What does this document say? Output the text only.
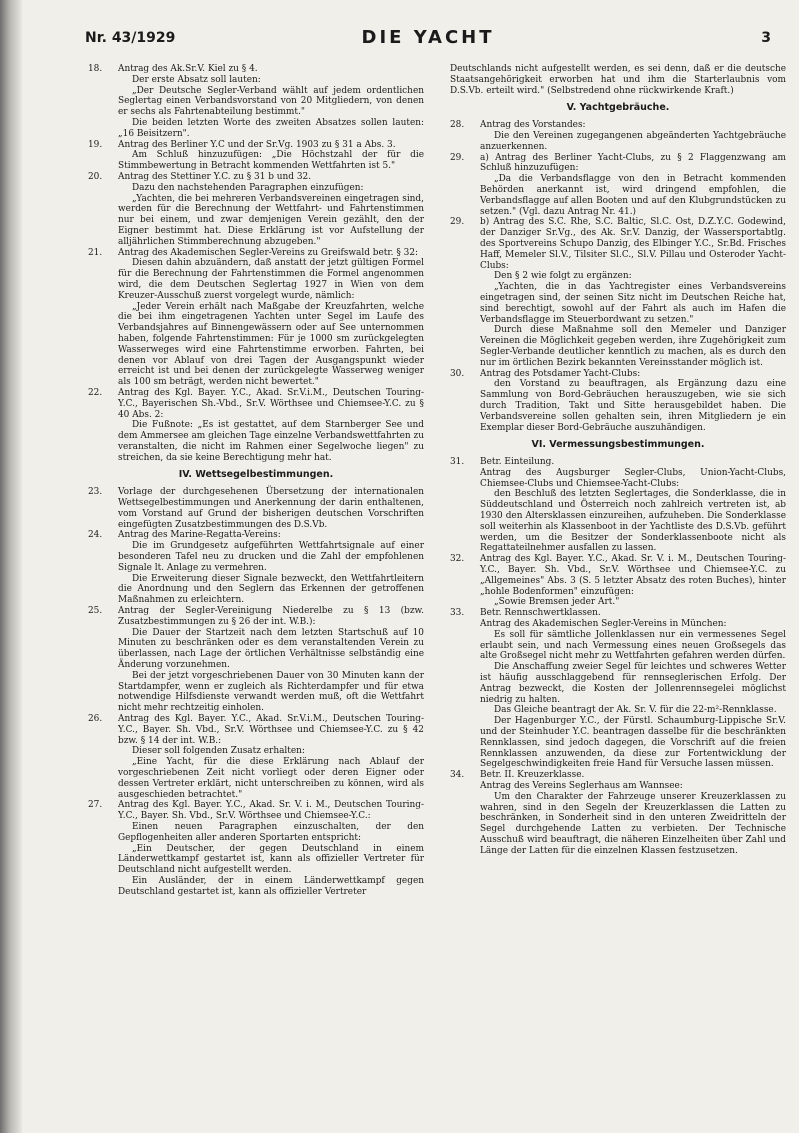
Nr. 43/1929	DIE YACHT	3
18. Antrag des Ak.Sr.V. Kiel zu § 4.

Der erste Absatz soll lauten:

„Der Deutsche Segler-Verband wählt auf jedem ordentlichen Seglertag einen Verbandsvorstand von 20 Mitgliedern, von denen er sechs als Fahrtenabteilung bestimmt."

Die beiden letzten Worte des zweiten Absatzes sollen lauten: „16 Beisitzern".

19. Antrag des Berliner Y.C und der Sr.Vg. 1903 zu § 31 a Abs. 3.

Am Schluß hinzuzufügen: „Die Höchstzahl der für die Stimmbewertung in Betracht kommenden Wettfahrten ist 5."

20. Antrag des Stettiner Y.C. zu § 31 b und 32.

Dazu den nachstehenden Paragraphen einzufügen:

„Yachten, die bei mehreren Verbandsvereinen eingetragen sind, werden für die Berechnung der Wettfahrt- und Fahrtenstimmen nur bei einem, und zwar demjenigen Verein gezählt, den der Eigner bestimmt hat. Diese Erklärung ist vor Aufstellung der alljährlichen Stimmberechnung abzugeben."

21. Antrag des Akademischen Segler-Vereins zu Greifswald betr. § 32:

Diesen dahin abzuändern, daß anstatt der jetzt gültigen Formel für die Berechnung der Fahrtenstimmen die Formel angenommen wird, die dem Deutschen Seglertag 1927 in Wien von dem Kreuzer-Ausschuß zuerst vorgelegt wurde, nämlich:

„Jeder Verein erhält nach Maßgabe der Kreuzfahrten, welche die bei ihm eingetragenen Yachten unter Segel im Laufe des Verbandsjahres auf Binnengewässern oder auf See unternommen haben, folgende Fahrtenstimmen: Für je 1000 sm zurückgelegten Wasserweges wird eine Fahrtenstimme erworben. Fahrten, bei denen vor Ablauf von drei Tagen der Ausgangspunkt wieder erreicht ist und bei denen der zurückgelegte Wasserweg weniger als 100 sm beträgt, werden nicht bewertet."

22. Antrag des Kgl. Bayer. Y.C., Akad. Sr.V.i.M., Deutschen Touring-Y.C., Bayerischen Sh.-Vbd., Sr.V. Wörthsee und Chiemsee-Y.C. zu § 40 Abs. 2:

Die Fußnote: „Es ist gestattet, auf dem Starnberger See und dem Ammersee am gleichen Tage einzelne Verbandswettfahrten zu veranstalten, die nicht im Rahmen einer Segelwoche liegen" zu streichen, da sie keine Berechtigung mehr hat.

IV. Wettsegelbestimmungen.
23. Vorlage der durchgesehenen Übersetzung der internationalen Wettsegelbestimmungen und Anerkennung der darin enthaltenen, vom Vorstand auf Grund der bisherigen deutschen Vorschriften eingefügten Zusatzbestimmungen des D.S.Vb.
24. Antrag des Marine-Regatta-Vereins:

Die im Grundgesetz aufgeführten Wettfahrtsignale auf einer besonderen Tafel neu zu drucken und die Zahl der empfohlenen Signale lt. Anlage zu vermehren.

Die Erweiterung dieser Signale bezweckt, den Wettfahrtleitern die Anordnung und den Seglern das Erkennen der getroffenen Maßnahmen zu erleichtern.

25. Antrag der Segler-Vereinigung Niederelbe zu § 13 (bzw. Zusatzbestimmungen zu § 26 der int. W.B.):

Die Dauer der Startzeit nach dem letzten Startschuß auf 10 Minuten zu beschränken oder es dem veranstaltenden Verein zu überlassen, nach Lage der örtlichen Verhältnisse selbständig eine Änderung vorzunehmen.

Bei der jetzt vorgeschriebenen Dauer von 30 Minuten kann der Startdampfer, wenn er zugleich als Richterdampfer und für etwa notwendige Hilfsdienste verwandt werden muß, oft die Wettfahrt nicht mehr rechtzeitig einholen.

26. Antrag des Kgl. Bayer. Y.C., Akad. Sr.V.i.M., Deutschen Touring-Y.C., Bayer. Sh. Vbd., Sr.V. Wörthsee und Chiemsee-Y.C. zu § 42 bzw. § 14 der int. W.B.:

Dieser soll folgenden Zusatz erhalten:

„Eine Yacht, für die diese Erklärung nach Ablauf der vorgeschriebenen Zeit nicht vorliegt oder deren Eigner oder dessen Vertreter erklärt, nicht unterschreiben zu können, wird als ausgeschieden betrachtet."

27. Antrag des Kgl. Bayer. Y.C., Akad. Sr. V. i. M., Deutschen Touring-Y.C., Bayer. Sh. Vbd., Sr.V. Wörthsee und Chiemsee-Y.C.:

Einen neuen Paragraphen einzuschalten, der den Gepflogenheiten aller anderen Sportarten entspricht:

„Ein Deutscher, der gegen Deutschland in einem Länderwettkampf gestartet ist, kann als offizieller Vertreter für Deutschland nicht aufgestellt werden.

Ein Ausländer, der in einem Länderwettkampf gegen Deutschland gestartet ist, kann als offizieller Vertreter

Deutschlands nicht aufgestellt werden, es sei denn, daß er die deutsche Staatsangehörigkeit erworben hat und ihm die Starterlaubnis vom D.S.Vb. erteilt wird." (Selbstredend ohne rückwirkende Kraft.)

V. Yachtgebräuche.
28. Antrag des Vorstandes:

Die den Vereinen zugegangenen abgeänderten Yachtgebräuche anzuerkennen.

29. a) Antrag des Berliner Yacht-Clubs, zu § 2 Flaggenzwang am Schluß hinzuzufügen:

„Da die Verbandsflagge von den in Betracht kommenden Behörden anerkannt ist, wird dringend empfohlen, die Verbandsflagge auf allen Booten und auf den Klubgrundstücken zu setzen." (Vgl. dazu Antrag Nr. 41.)

29. b) Antrag des S.C. Rhe, S.C. Baltic, Sl.C. Ost, D.Z.Y.C. Godewind, der Danziger Sr.Vg., des Ak. Sr.V. Danzig, der Wassersportabtlg. des Sportvereins Schupo Danzig, des Elbinger Y.C., Sr.Bd. Frisches Haff, Memeler Sl.V., Tilsiter Sl.C., Sl.V. Pillau und Osteroder Yacht-Clubs:

Den § 2 wie folgt zu ergänzen:

„Yachten, die in das Yachtregister eines Verbandsvereins eingetragen sind, der seinen Sitz nicht im Deutschen Reiche hat, sind berechtigt, sowohl auf der Fahrt als auch im Hafen die Verbandsflagge im Steuerbordwant zu setzen."

Durch diese Maßnahme soll den Memeler und Danziger Vereinen die Möglichkeit gegeben werden, ihre Zugehörigkeit zum Segler-Verbande deutlicher kenntlich zu machen, als es durch den nur im örtlichen Bezirk bekannten Vereinsstander möglich ist.

30. Antrag des Potsdamer Yacht-Clubs:

den Vorstand zu beauftragen, als Ergänzung dazu eine Sammlung von Bord-Gebräuchen herauszugeben, wie sie sich durch Tradition, Takt und Sitte herausgebildet haben. Die Verbandsvereine sollen gehalten sein, ihren Mitgliedern je ein Exemplar dieser Bord-Gebräuche auszuhändigen.

VI. Vermessungsbestimmungen.
31. Betr. Einteilung.

Antrag des Augsburger Segler-Clubs, Union-Yacht-Clubs, Chiemsee-Clubs und Chiemsee-Yacht-Clubs:

den Beschluß des letzten Seglertages, die Sonderklasse, die in Süddeutschland und Österreich noch zahlreich vertreten ist, ab 1930 den Altersklassen einzureihen, aufzuheben. Die Sonderklasse soll weiterhin als Klassenboot in der Yachtliste des D.S.Vb. geführt werden, um die Besitzer der Sonderklassenboote nicht als Regattateilnehmer ausfallen zu lassen.

32. Antrag des Kgl. Bayer. Y.C., Akad. Sr. V. i. M., Deutschen Touring-Y.C., Bayer. Sh. Vbd., Sr.V. Wörthsee und Chiemsee-Y.C. zu „Allgemeines" Abs. 3 (S. 5 letzter Absatz des roten Buches), hinter „hohle Bodenformen" einzufügen:

„Sowie Bremsen jeder Art."

33. Betr. Rennschwertklassen.

Antrag des Akademischen Segler-Vereins in München:

Es soll für sämtliche Jollenklassen nur ein vermessenes Segel erlaubt sein, und nach Vermessung eines neuen Großsegels das alte Großsegel nicht mehr zu Wettfahrten gefahren werden dürfen.

Die Anschaffung zweier Segel für leichtes und schweres Wetter ist häufig ausschlaggebend für rennseglerischen Erfolg. Der Antrag bezweckt, die Kosten der Jollenrennsegelei möglichst niedrig zu halten.

Das Gleiche beantragt der Ak. Sr. V. für die 22-m²-Rennklasse.

Der Hagenburger Y.C., der Fürstl. Schaumburg-Lippische Sr.V. und der Steinhuder Y.C. beantragen dasselbe für die beschränkten Rennklassen, sind jedoch dagegen, die Vorschrift auf die freien Rennklassen anzuwenden, da diese zur Fortentwicklung der Segelgeschwindigkeiten freie Hand für Versuche lassen müssen.

34. Betr. II. Kreuzerklasse.

Antrag des Vereins Seglerhaus am Wannsee:

Um den Charakter der Fahrzeuge unserer Kreuzerklassen zu wahren, sind in den Segeln der Kreuzerklassen die Latten zu beschränken, in Sonderheit sind in den unteren Zweidritteln der Segel durchgehende Latten zu verbieten. Der Technische Ausschuß wird beauftragt, die näheren Einzelheiten über Zahl und Länge der Latten für die einzelnen Klassen festzusetzen.
